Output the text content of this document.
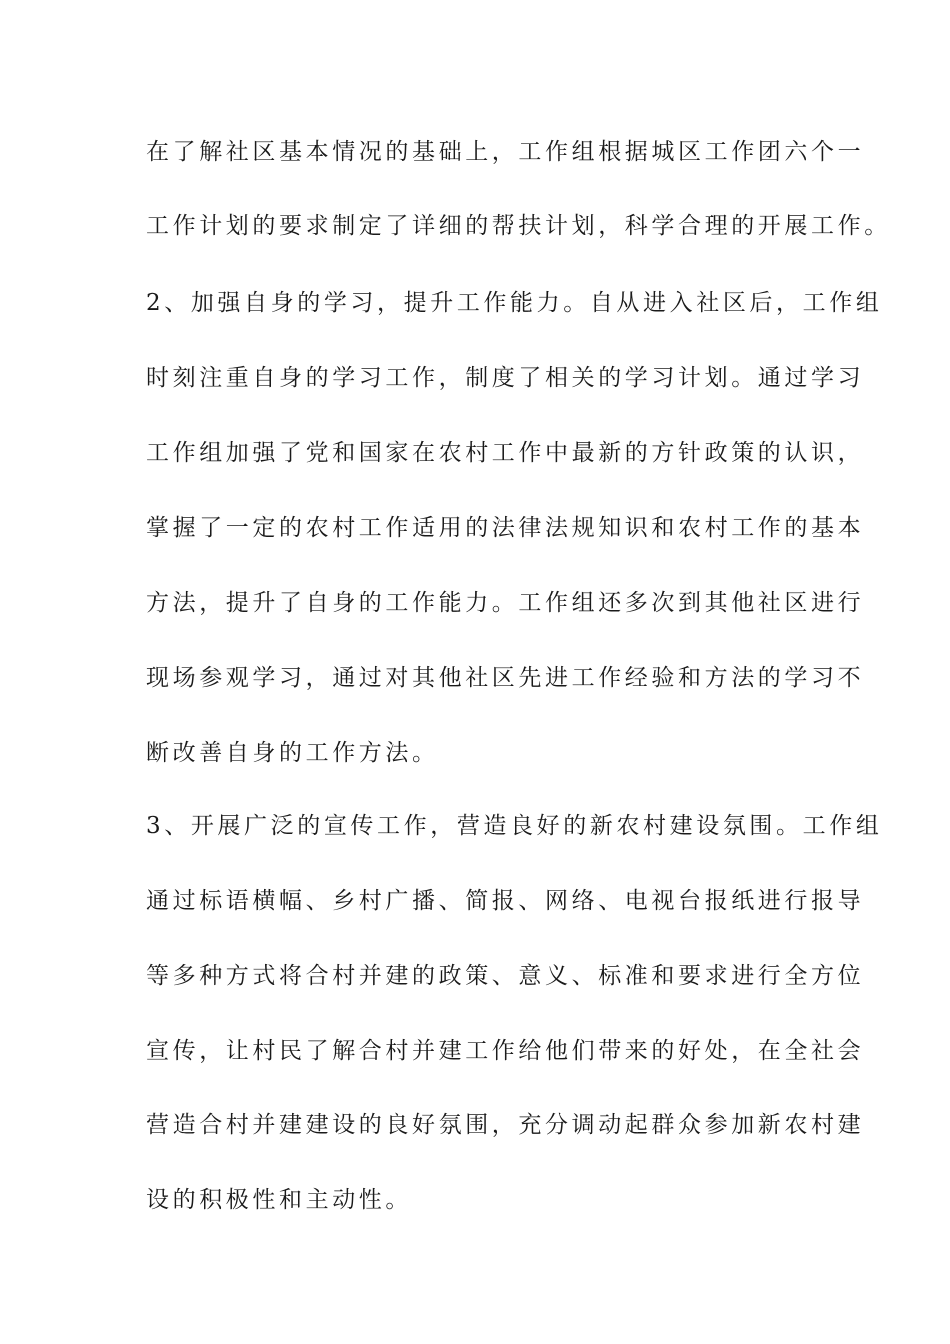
在了解社区基本情况的基础上，工作组根据城区工作团六个一
工作计划的要求制定了详细的帮扶计划，科学合理的开展工作。
2、加强自身的学习，提升工作能力。自从进入社区后，工作组
时刻注重自身的学习工作，制度了相关的学习计划。通过学习
工作组加强了党和国家在农村工作中最新的方针政策的认识，
掌握了一定的农村工作适用的法律法规知识和农村工作的基本
方法，提升了自身的工作能力。工作组还多次到其他社区进行
现场参观学习，通过对其他社区先进工作经验和方法的学习不
断改善自身的工作方法。
3、开展广泛的宣传工作，营造良好的新农村建设氛围。工作组
通过标语横幅、乡村广播、简报、网络、电视台报纸进行报导
等多种方式将合村并建的政策、意义、标准和要求进行全方位
宣传，让村民了解合村并建工作给他们带来的好处，在全社会
营造合村并建建设的良好氛围，充分调动起群众参加新农村建
设的积极性和主动性。
